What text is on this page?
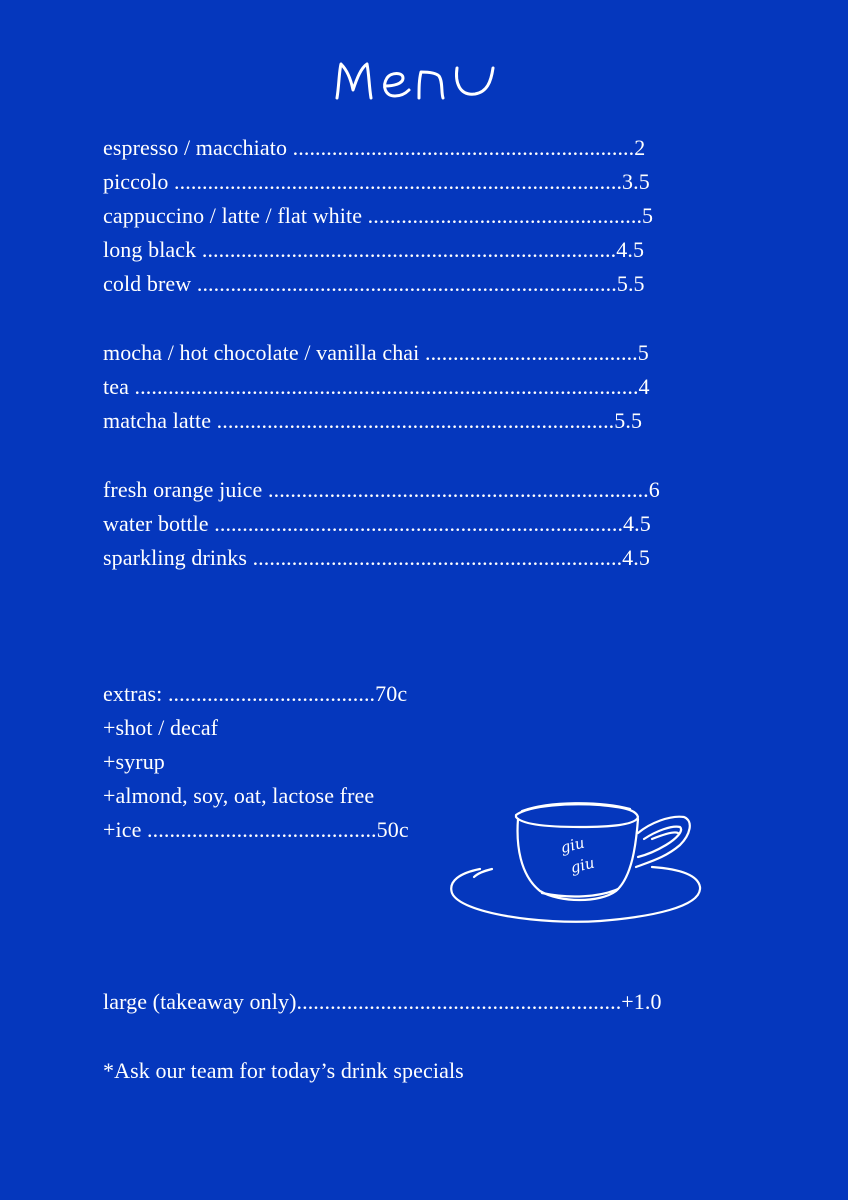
Menu
espresso / macchiato .............................................................2
piccolo ................................................................................3.5
cappuccino / latte / flat white .................................................5
long black ..........................................................................4.5
cold brew ...........................................................................5.5
mocha / hot chocolate / vanilla chai ......................................5
tea ..........................................................................................4
matcha latte .......................................................................5.5
fresh orange juice ....................................................................6
water bottle .........................................................................4.5
sparkling drinks ..................................................................4.5
extras: .....................................70c
+shot / decaf
+syrup
+almond, soy, oat, lactose free
+ice .........................................50c
giu
giu
large (takeaway only)..........................................................+1.0
*Ask our team for today’s drink specials
